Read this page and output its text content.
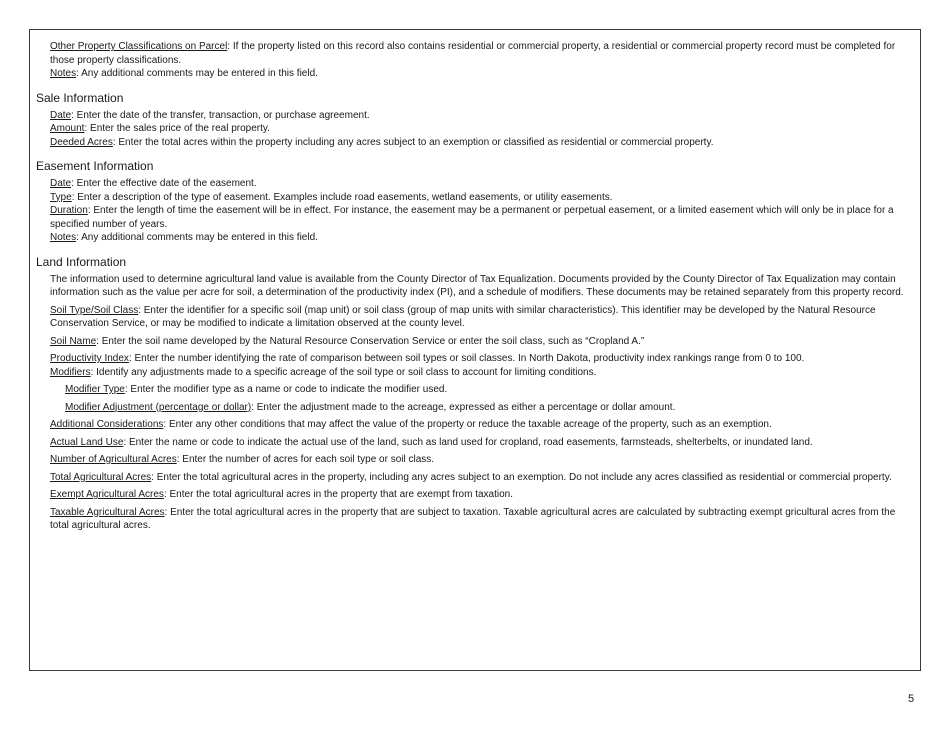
Other Property Classifications on Parcel: If the property listed on this record also contains residential or commercial property, a residential or commercial property record must be completed for those property classifications.
Notes: Any additional comments may be entered in this field.
Sale Information
Date: Enter the date of the transfer, transaction, or purchase agreement.
Amount: Enter the sales price of the real property.
Deeded Acres: Enter the total acres within the property including any acres subject to an exemption or classified as residential or commercial property.
Easement Information
Date: Enter the effective date of the easement.
Type: Enter a description of the type of easement. Examples include road easements, wetland easements, or utility easements.
Duration: Enter the length of time the easement will be in effect. For instance, the easement may be a permanent or perpetual easement, or a limited easement which will only be in place for a specified number of years.
Notes: Any additional comments may be entered in this field.
Land Information
The information used to determine agricultural land value is available from the County Director of Tax Equalization. Documents provided by the County Director of Tax Equalization may contain information such as the value per acre for soil, a determination of the productivity index (PI), and a schedule of modifiers. These documents may be retained separately from this property record.
Soil Type/Soil Class: Enter the identifier for a specific soil (map unit) or soil class (group of map units with similar characteristics). This identifier may be developed by the Natural Resource Conservation Service, or may be modified to indicate a limitation observed at the county level.
Soil Name: Enter the soil name developed by the Natural Resource Conservation Service or enter the soil class, such as “Cropland A.”
Productivity Index: Enter the number identifying the rate of comparison between soil types or soil classes. In North Dakota, productivity index rankings range from 0 to 100.
Modifiers: Identify any adjustments made to a specific acreage of the soil type or soil class to account for limiting conditions.
Modifier Type: Enter the modifier type as a name or code to indicate the modifier used.
Modifier Adjustment (percentage or dollar): Enter the adjustment made to the acreage, expressed as either a percentage or dollar amount.
Additional Considerations: Enter any other conditions that may affect the value of the property or reduce the taxable acreage of the property, such as an exemption.
Actual Land Use: Enter the name or code to indicate the actual use of the land, such as land used for cropland, road easements, farmsteads, shelterbelts, or inundated land.
Number of Agricultural Acres: Enter the number of acres for each soil type or soil class.
Total Agricultural Acres: Enter the total agricultural acres in the property, including any acres subject to an exemption. Do not include any acres classified as residential or commercial property.
Exempt Agricultural Acres: Enter the total agricultural acres in the property that are exempt from taxation.
Taxable Agricultural Acres: Enter the total agricultural acres in the property that are subject to taxation. Taxable agricultural acres are calculated by subtracting exempt gricultural acres from the total agricultural acres.
5
